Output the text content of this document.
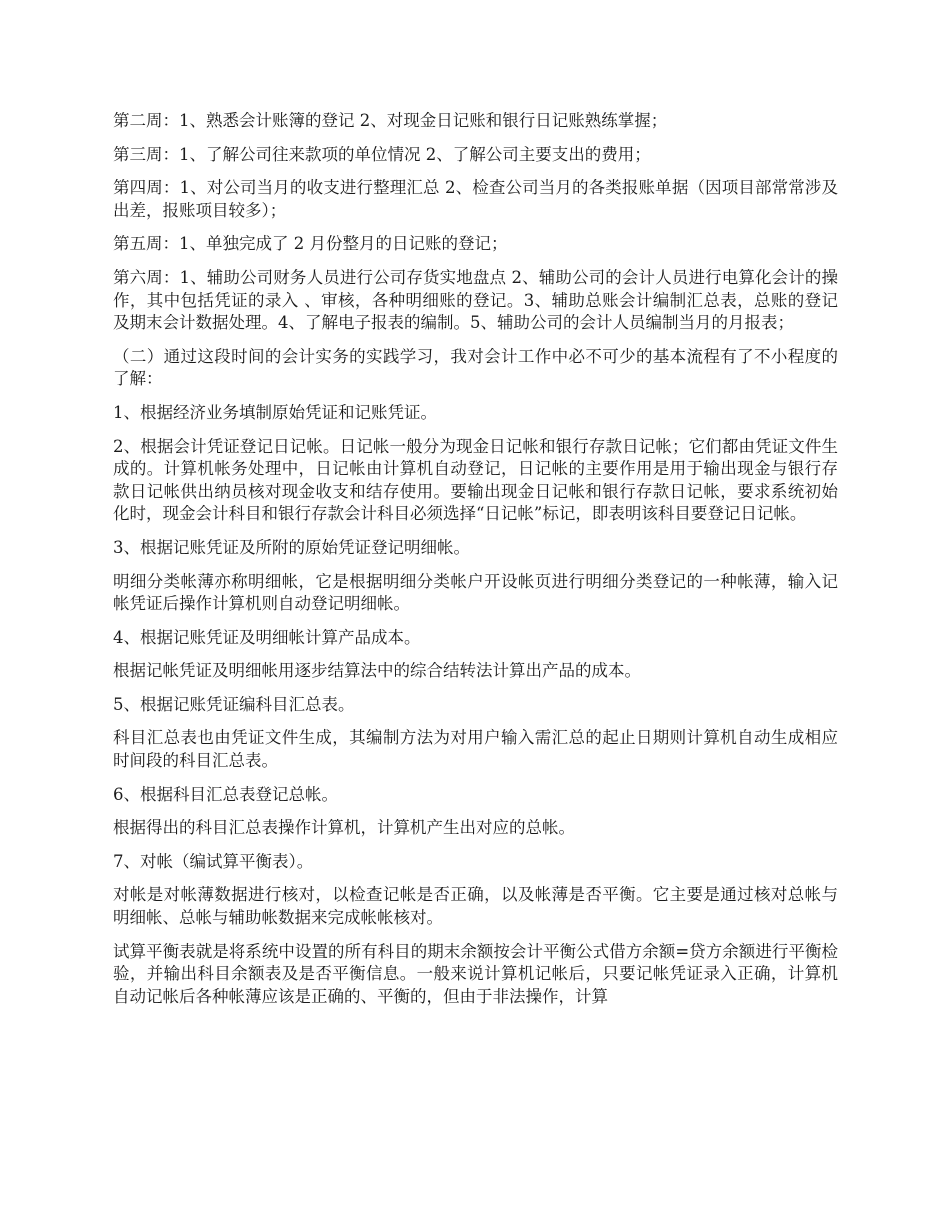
第二周：1、熟悉会计账簿的登记 2、对现金日记账和银行日记账熟练掌握；

第三周：1、了解公司往来款项的单位情况 2、了解公司主要支出的费用；

第四周：1、对公司当月的收支进行整理汇总 2、检查公司当月的各类报账单据（因项目部常常涉及出差，报账项目较多）；

第五周：1、单独完成了 2 月份整月的日记账的登记；

第六周：1、辅助公司财务人员进行公司存货实地盘点 2、辅助公司的会计人员进行电算化会计的操作，其中包括凭证的录入 、审核，各种明细账的登记。3、辅助总账会计编制汇总表，总账的登记及期末会计数据处理。4、了解电子报表的编制。5、辅助公司的会计人员编制当月的月报表；

（二）通过这段时间的会计实务的实践学习，我对会计工作中必不可少的基本流程有了不小程度的了解：

1、根据经济业务填制原始凭证和记账凭证。

2、根据会计凭证登记日记帐。日记帐一般分为现金日记帐和银行存款日记帐；它们都由凭证文件生成的。计算机帐务处理中，日记帐由计算机自动登记，日记帐的主要作用是用于输出现金与银行存款日记帐供出纳员核对现金收支和结存使用。要输出现金日记帐和银行存款日记帐，要求系统初始化时，现金会计科目和银行存款会计科目必须选择“日记帐”标记，即表明该科目要登记日记帐。

3、根据记账凭证及所附的原始凭证登记明细帐。

明细分类帐薄亦称明细帐，它是根据明细分类帐户开设帐页进行明细分类登记的一种帐薄，输入记帐凭证后操作计算机则自动登记明细帐。

4、根据记账凭证及明细帐计算产品成本。

根据记帐凭证及明细帐用逐步结算法中的综合结转法计算出产品的成本。

5、根据记账凭证编科目汇总表。

科目汇总表也由凭证文件生成，其编制方法为对用户输入需汇总的起止日期则计算机自动生成相应时间段的科目汇总表。

6、根据科目汇总表登记总帐。

根据得出的科目汇总表操作计算机，计算机产生出对应的总帐。

7、对帐（编试算平衡表）。

对帐是对帐薄数据进行核对，以检查记帐是否正确，以及帐薄是否平衡。它主要是通过核对总帐与明细帐、总帐与辅助帐数据来完成帐帐核对。

试算平衡表就是将系统中设置的所有科目的期末余额按会计平衡公式借方余额=贷方余额进行平衡检验，并输出科目余额表及是否平衡信息。一般来说计算机记帐后，只要记帐凭证录入正确，计算机自动记帐后各种帐薄应该是正确的、平衡的，但由于非法操作，计算
